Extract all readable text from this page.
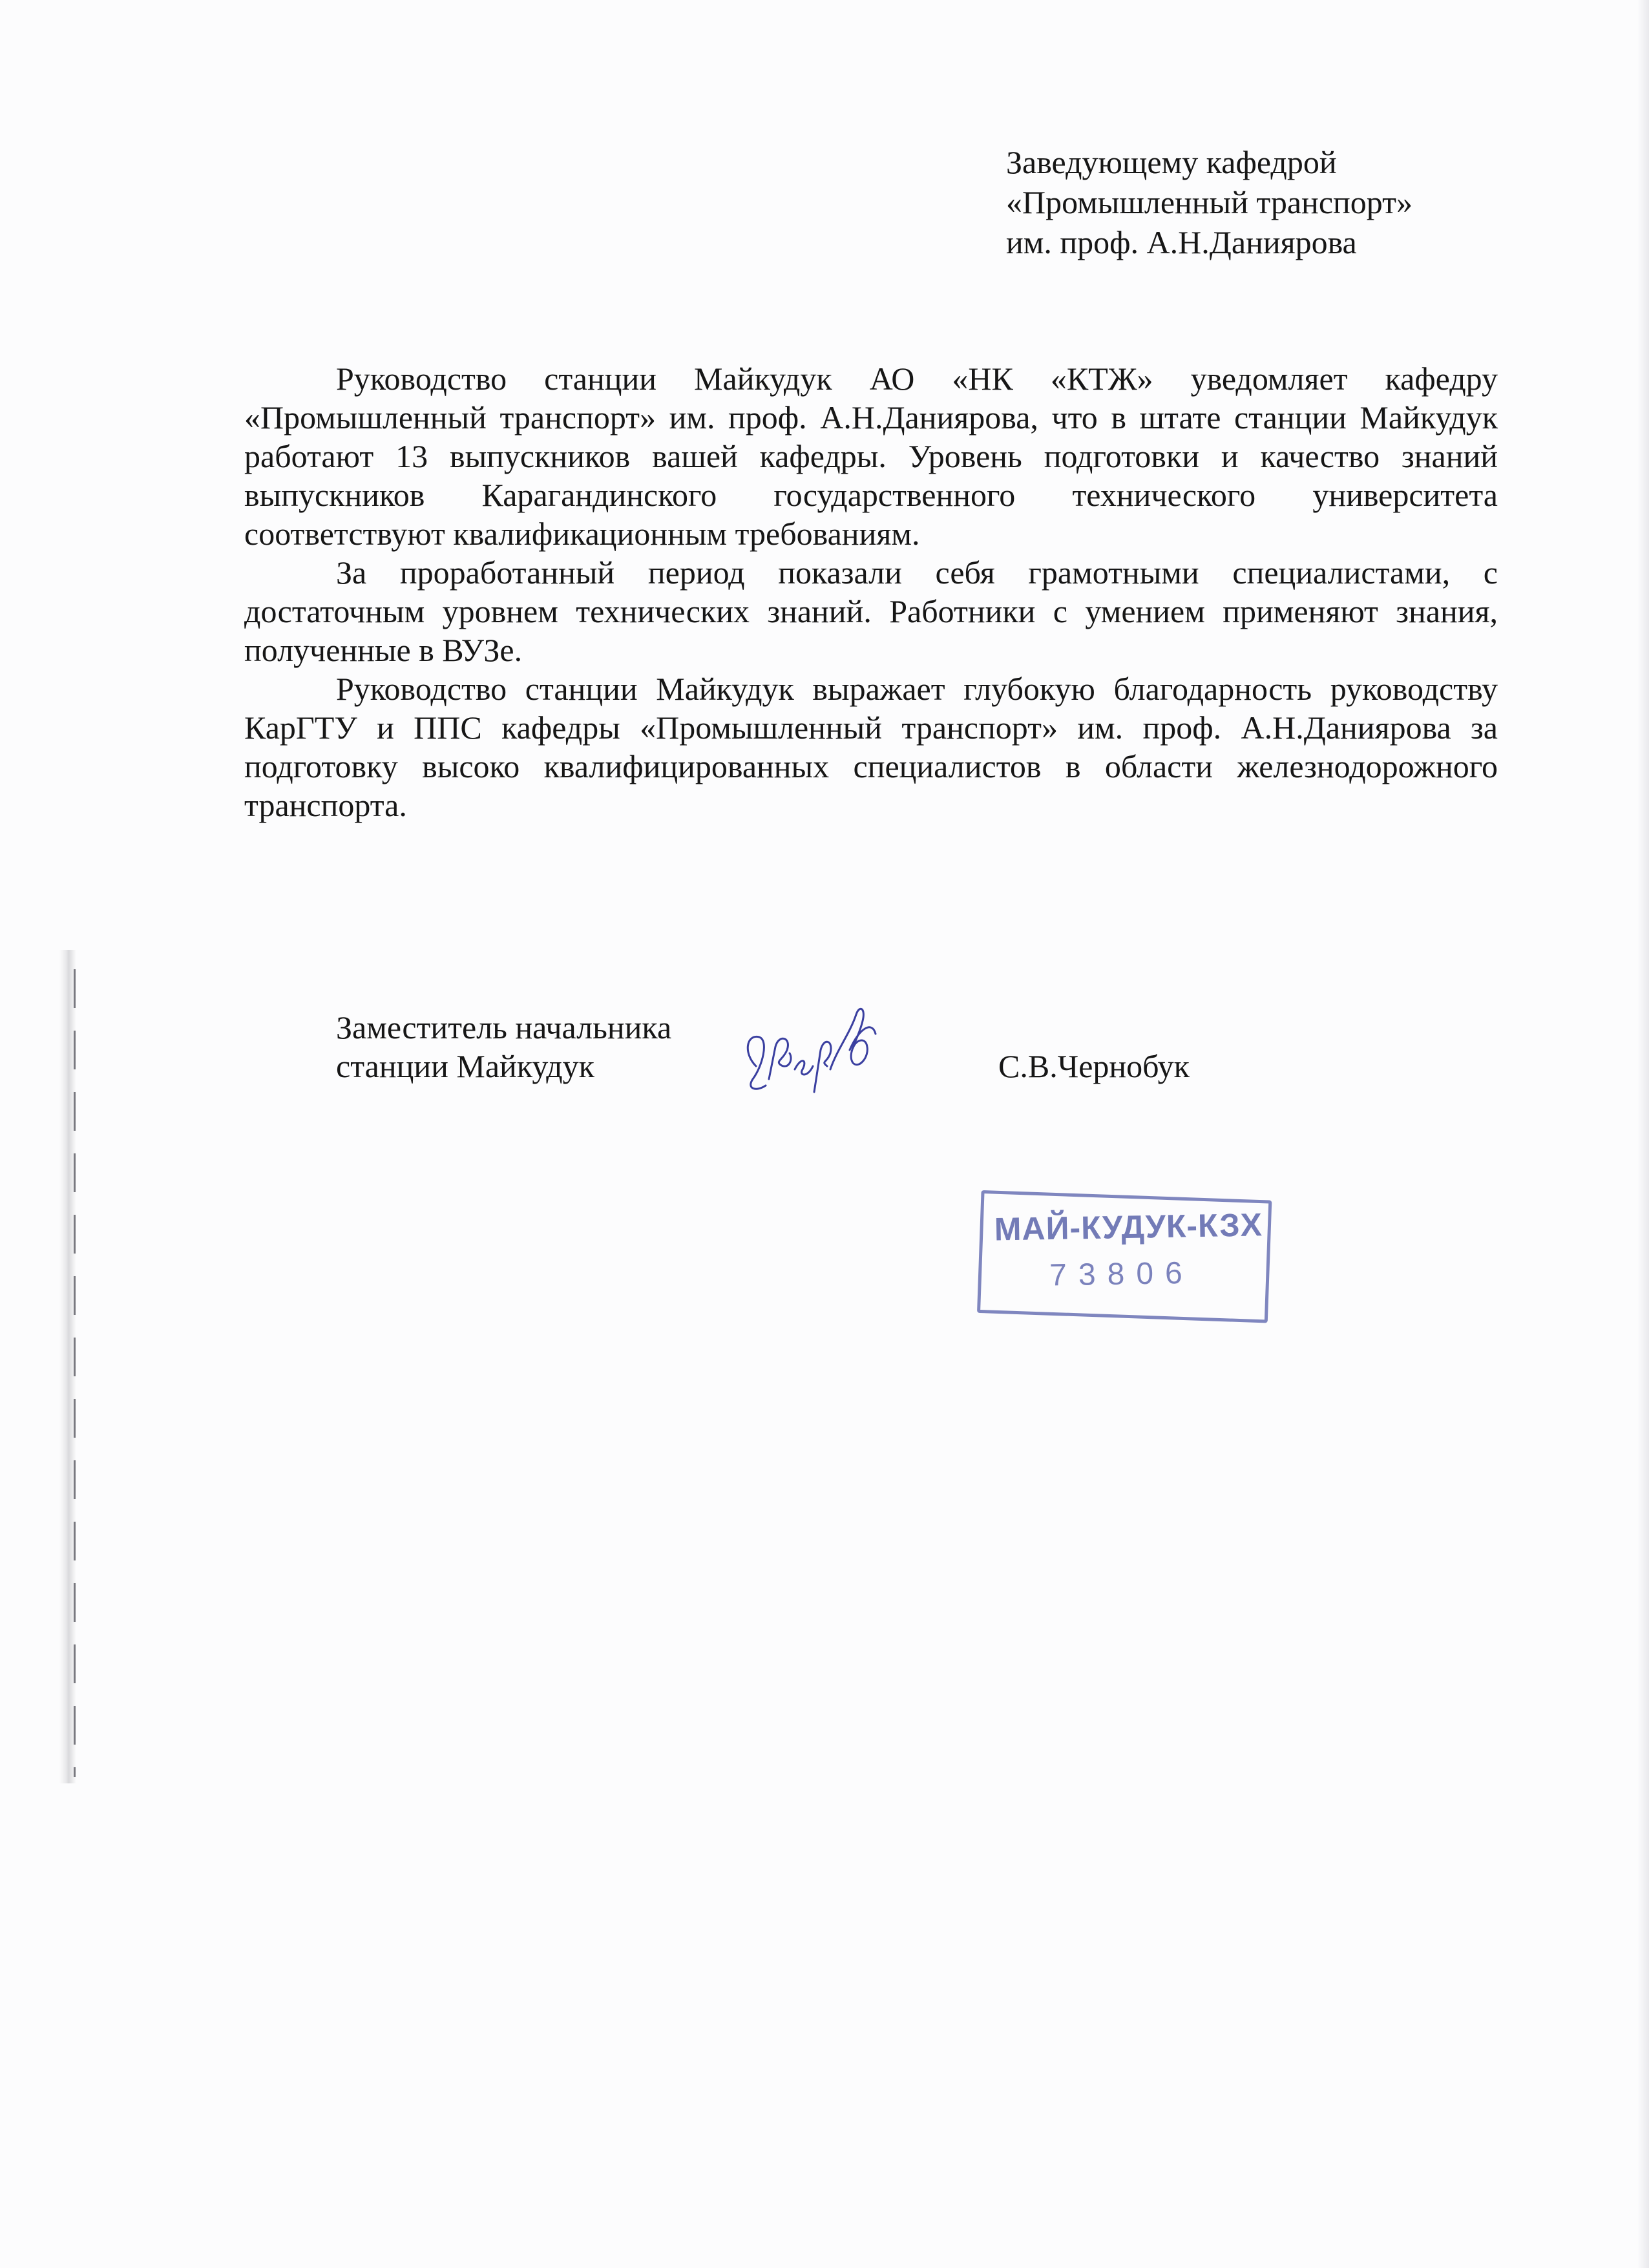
Заведующему кафедрой
«Промышленный транспорт»
им. проф. А.Н.Даниярова

Руководство станции Майкудук АО «НК «КТЖ» уведомляет кафедру «Промышленный транспорт» им. проф. А.Н.Даниярова, что в штате станции Майкудук работают 13 выпускников вашей кафедры. Уровень подготовки и качество знаний выпускников Карагандинского государственного технического университета соответствуют квалификационным требованиям.

За проработанный период показали себя грамотными специалистами, с достаточным уровнем технических знаний. Работники с умением применяют знания, полученные в ВУЗе.

Руководство станции Майкудук выражает глубокую благодарность руководству КарГТУ и ППС кафедры «Промышленный транспорт» им. проф. А.Н.Даниярова за подготовку высоко квалифицированных специалистов в области железнодорожного транспорта.

Заместитель начальника
станции Майкудук	С.В.Чернобук
МАЙ-КУДУК-КЗХ
73806
